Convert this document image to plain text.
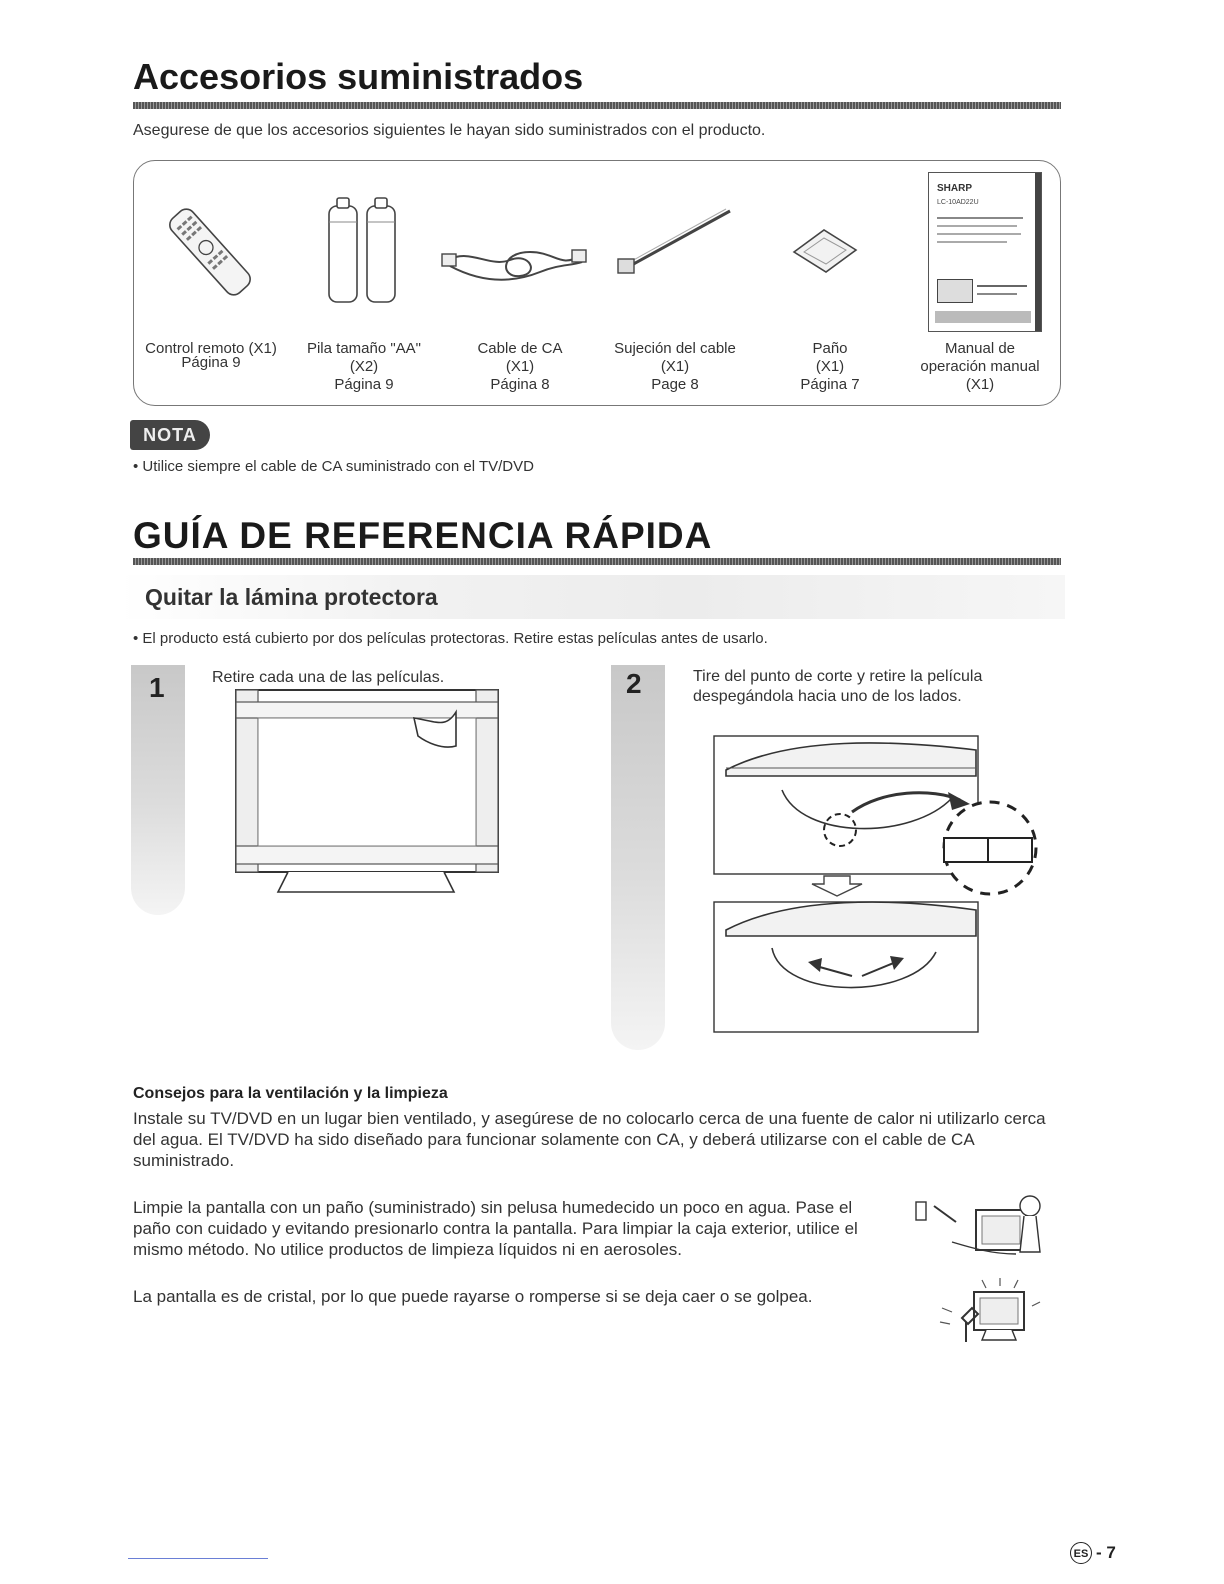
Accesorios suministrados
Asegurese de que los accesorios siguientes le hayan sido suministrados con el producto.
SHARP
LC-10AD22U
Control remoto (X1)
Página 9
Pila tamaño "AA"
(X2)
Página 9
Cable de CA
(X1)
Página 8
Sujeción del cable
(X1)
Page 8
Paño
(X1)
Página 7
Manual de
operación manual
(X1)
NOTA
• Utilice siempre el cable de CA suministrado con el TV/DVD
GUÍA DE REFERENCIA RÁPIDA
Quitar la lámina protectora
• El producto está cubierto por dos películas protectoras. Retire estas películas antes de usarlo.
1	Retire cada una de las películas.	2	Tire del punto de corte y retire la película
despegándola hacia uno de los lados.
Consejos para la ventilación y la limpieza
Instale su TV/DVD en un lugar bien ventilado, y asegúrese de no colocarlo cerca de una fuente de calor ni utilizarlo cerca del agua. El TV/DVD ha sido diseñado para funcionar solamente con CA, y deberá utilizarse con el cable de CA suministrado.
Limpie la pantalla con un paño (suministrado) sin pelusa humedecido un poco en agua. Pase el paño con cuidado y evitando presionarlo contra la pantalla. Para limpiar la caja exterior, utilice el mismo método. No utilice productos de limpieza líquidos ni en aerosoles.
La pantalla es de cristal, por lo que puede rayarse o romperse si se deja caer o se golpea.
ES - 7
